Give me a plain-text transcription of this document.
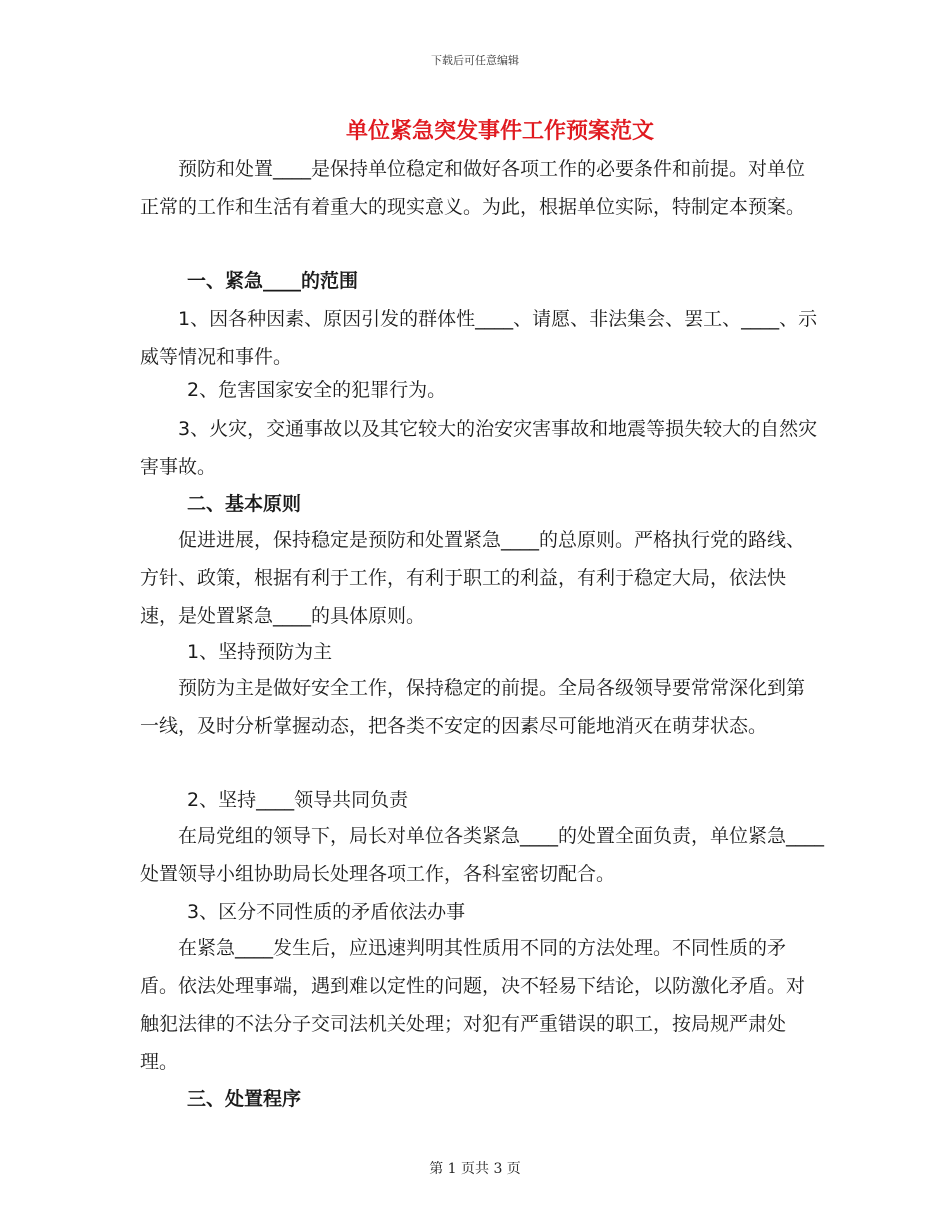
下载后可任意编辑
单位紧急突发事件工作预案范文

预防和处置____是保持单位稳定和做好各项工作的必要条件和前提。对单位正常的工作和生活有着重大的现实意义。为此，根据单位实际，特制定本预案。

一、紧急____的范围

1、因各种因素、原因引发的群体性____、请愿、非法集会、罢工、____、示威等情况和事件。

2、危害国家安全的犯罪行为。

3、火灾，交通事故以及其它较大的治安灾害事故和地震等损失较大的自然灾害事故。

二、基本原则

促进进展，保持稳定是预防和处置紧急____的总原则。严格执行党的路线、方针、政策，根据有利于工作，有利于职工的利益，有利于稳定大局，依法快速，是处置紧急____的具体原则。

1、坚持预防为主

预防为主是做好安全工作，保持稳定的前提。全局各级领导要常常深化到第一线，及时分析掌握动态，把各类不安定的因素尽可能地消灭在萌芽状态。

2、坚持____领导共同负责

在局党组的领导下，局长对单位各类紧急____的处置全面负责，单位紧急____处置领导小组协助局长处理各项工作，各科室密切配合。

3、区分不同性质的矛盾依法办事

在紧急____发生后，应迅速判明其性质用不同的方法处理。不同性质的矛盾。依法处理事端，遇到难以定性的问题，决不轻易下结论，以防激化矛盾。对触犯法律的不法分子交司法机关处理；对犯有严重错误的职工，按局规严肃处理。

三、处置程序

第 1 页共 3 页
